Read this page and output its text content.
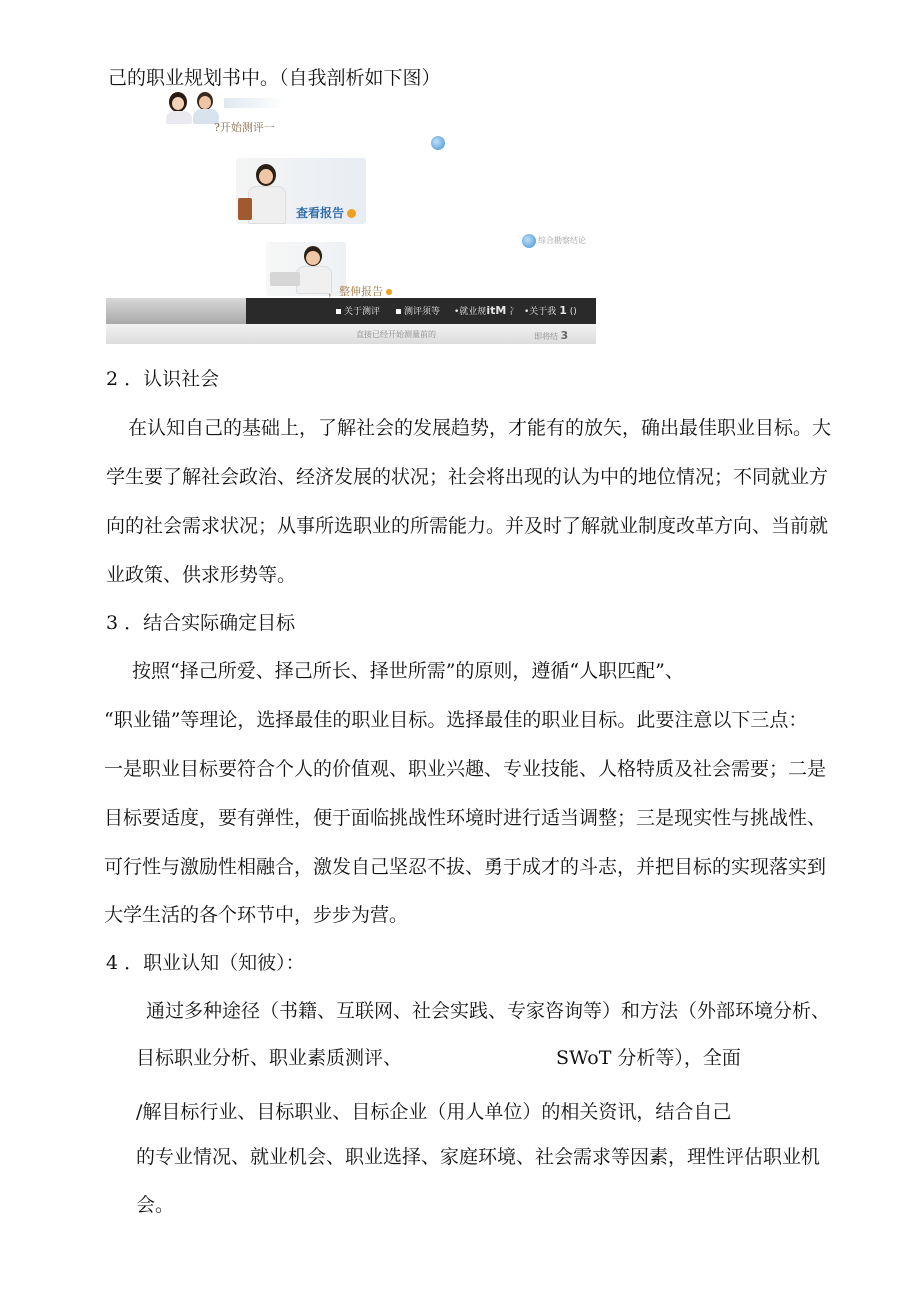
己的职业规划书中。（自我剖析如下图）
?开始测评一
查看报告
综合勘察结论
，整伸报告
关于测评	测评须等 •就业规itM 冫 •关于我 1 ()
直接已经开始测量前的	即将结 3
2 ．认识社会
在认知自己的基础上，了解社会的发展趋势，才能有的放矢，确出最佳职业目标。大
学生要了解社会政治、经济发展的状况；社会将出现的认为中的地位情况；不同就业方
向的社会需求状况；从事所选职业的所需能力。并及时了解就业制度改革方向、当前就
业政策、供求形势等。
3 ．结合实际确定目标
按照“择己所爱、择己所长、择世所需”的原则，遵循“人职匹配”、
“职业锚”等理论，选择最佳的职业目标。选择最佳的职业目标。此要注意以下三点：
一是职业目标要符合个人的价值观、职业兴趣、专业技能、人格特质及社会需要；二是
目标要适度，要有弹性，便于面临挑战性环境时进行适当调整；三是现实性与挑战性、
可行性与激励性相融合，激发自己坚忍不拔、勇于成才的斗志，并把目标的实现落实到
大学生活的各个环节中，步步为营。
4 ．职业认知（知彼）：
通过多种途径（书籍、互联网、社会实践、专家咨询等）和方法（外部环境分析、
目标职业分析、职业素质测评、	SWoT 分析等），全面
/解目标行业、目标职业、目标企业（用人单位）的相关资讯，结合自己
的专业情况、就业机会、职业选择、家庭环境、社会需求等因素，理性评估职业机
会。
